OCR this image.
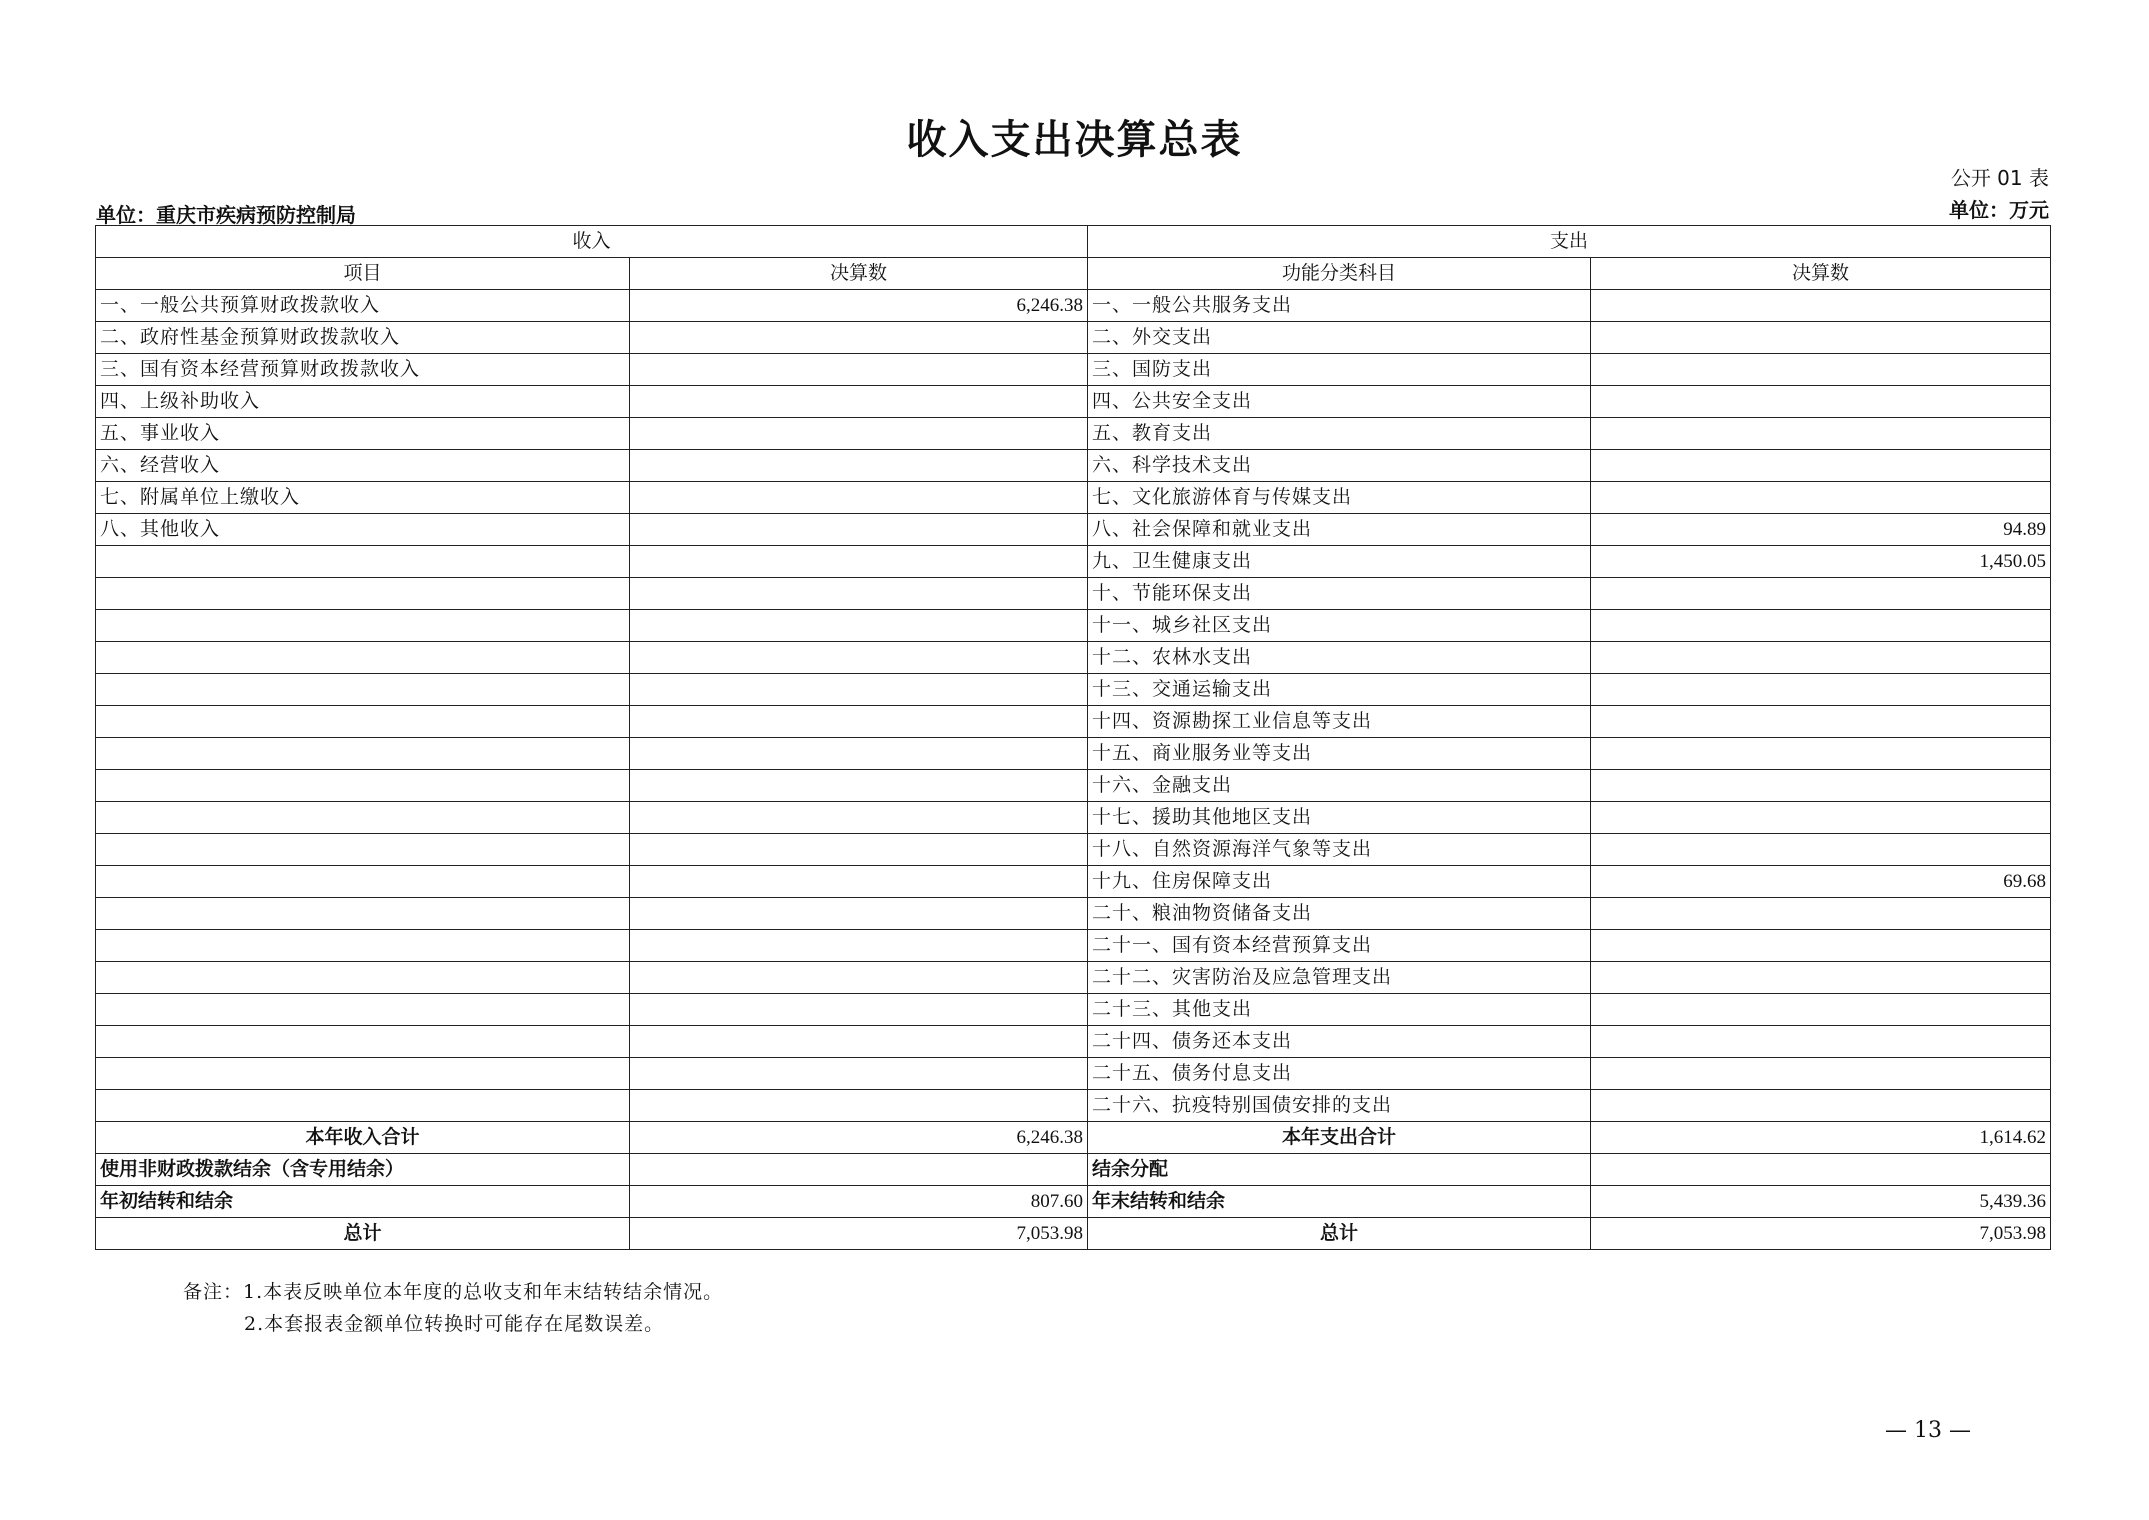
收入支出决算总表
公开 01 表
单位：重庆市疾病预防控制局	单位：万元
收入		支出	
项目	决算数	功能分类科目	决算数
一、一般公共预算财政拨款收入	6,246.38	一、一般公共服务支出	
二、政府性基金预算财政拨款收入		二、外交支出	
三、国有资本经营预算财政拨款收入		三、国防支出	
四、上级补助收入		四、公共安全支出	
五、事业收入		五、教育支出	
六、经营收入		六、科学技术支出	
七、附属单位上缴收入		七、文化旅游体育与传媒支出	
八、其他收入		八、社会保障和就业支出	94.89
		九、卫生健康支出	1,450.05
		十、节能环保支出	
		十一、城乡社区支出	
		十二、农林水支出	
		十三、交通运输支出	
		十四、资源勘探工业信息等支出	
		十五、商业服务业等支出	
		十六、金融支出	
		十七、援助其他地区支出	
		十八、自然资源海洋气象等支出	
		十九、住房保障支出	69.68
		二十、粮油物资储备支出	
		二十一、国有资本经营预算支出	
		二十二、灾害防治及应急管理支出	
		二十三、其他支出	
		二十四、债务还本支出	
		二十五、债务付息支出	
		二十六、抗疫特别国债安排的支出	
本年收入合计	6,246.38	本年支出合计	1,614.62
使用非财政拨款结余（含专用结余）		结余分配	
年初结转和结余	807.60	年末结转和结余	5,439.36
总计	7,053.98	总计	7,053.98
备注：1.本表反映单位本年度的总收支和年末结转结余情况。
2.本套报表金额单位转换时可能存在尾数误差。
— 13 —
